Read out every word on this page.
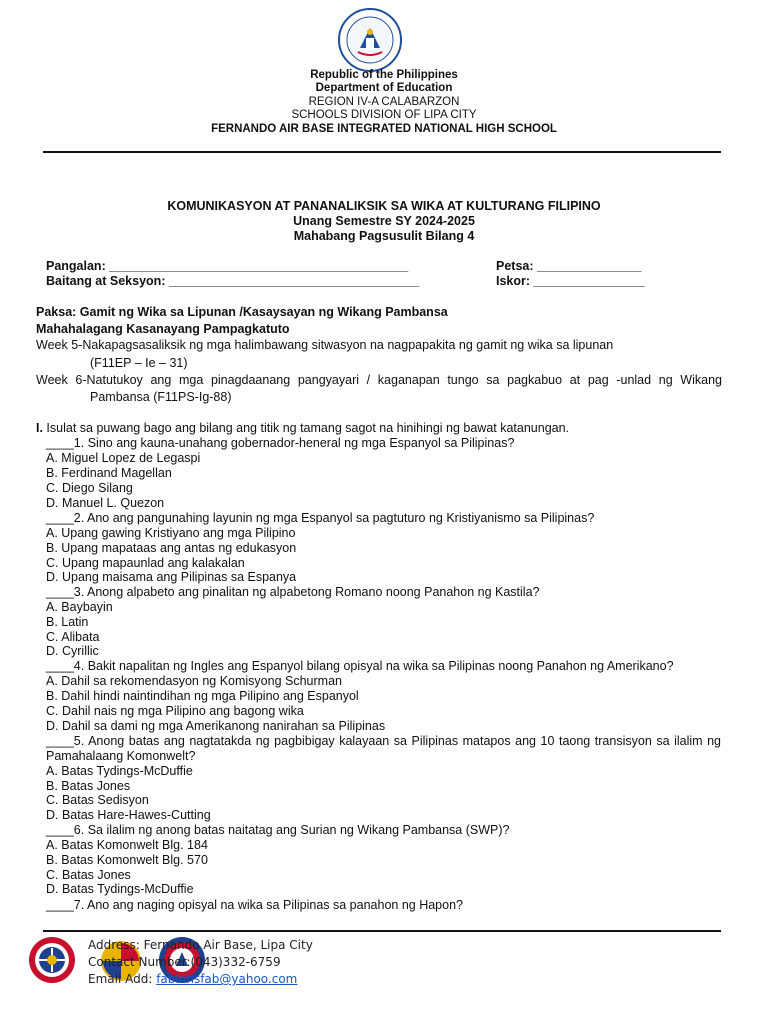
Republic of the Philippines
Department of Education
REGION IV-A CALABARZON
SCHOOLS DIVISION OF LIPA CITY
FERNANDO AIR BASE INTEGRATED NATIONAL HIGH SCHOOL
KOMUNIKASYON AT PANANALIKSIK SA WIKA AT KULTURANG FILIPINO
Unang Semestre SY 2024-2025
Mahabang Pagsusulit Bilang 4
Pangalan: ___________________________________________
Baitang at Seksyon: ____________________________________
Petsa: _______________
Iskor: ________________
Paksa: Gamit ng Wika sa Lipunan /Kasaysayan ng Wikang Pambansa
Mahahalagang Kasanayang Pampagkatuto
Week 5-Nakapagsasaliksik ng mga halimbawang sitwasyon na nagpapakita ng gamit ng wika sa lipunan
(F11EP – Ie – 31)
Week 6-Natutukoy ang mga pinagdaanang pangyayari / kaganapan tungo sa pagkabuo at pag -unlad ng Wikang
Pambansa (F11PS-Ig-88)
I. Isulat sa puwang bago ang bilang ang titik ng tamang sagot na hinihingi ng bawat katanungan.
____1. Sino ang kauna-unahang gobernador-heneral ng mga Espanyol sa Pilipinas?
A. Miguel Lopez de Legaspi
B. Ferdinand Magellan
C. Diego Silang
D. Manuel L. Quezon
____2. Ano ang pangunahing layunin ng mga Espanyol sa pagtuturo ng Kristiyanismo sa Pilipinas?
A. Upang gawing Kristiyano ang mga Pilipino
B. Upang mapataas ang antas ng edukasyon
C. Upang mapaunlad ang kalakalan
D. Upang maisama ang Pilipinas sa Espanya
____3. Anong alpabeto ang pinalitan ng alpabetong Romano noong Panahon ng Kastila?
A. Baybayin
B. Latin
C. Alibata
D. Cyrillic
____4. Bakit napalitan ng Ingles ang Espanyol bilang opisyal na wika sa Pilipinas noong Panahon ng Amerikano?
A. Dahil sa rekomendasyon ng Komisyong Schurman
B. Dahil hindi naintindihan ng mga Pilipino ang Espanyol
C. Dahil nais ng mga Pilipino ang bagong wika
D. Dahil sa dami ng mga Amerikanong nanirahan sa Pilipinas
____5. Anong batas ang nagtatakda ng pagbibigay kalayaan sa Pilipinas matapos ang 10 taong transisyon sa ilalim ng
Pamahalaang Komonwelt?
A. Batas Tydings-McDuffie
B. Batas Jones
C. Batas Sedisyon
D. Batas Hare-Hawes-Cutting
____6. Sa ilalim ng anong batas naitatag ang Surian ng Wikang Pambansa (SWP)?
A. Batas Komonwelt Blg. 184
B. Batas Komonwelt Blg. 570
C. Batas Jones
D. Batas Tydings-McDuffie
____7. Ano ang naging opisyal na wika sa Pilipinas sa panahon ng Hapon?
Address: Fernando Air Base, Lipa City
Contact Number:(043)332-6759
Email Add: fabinhsfab@yahoo.com
